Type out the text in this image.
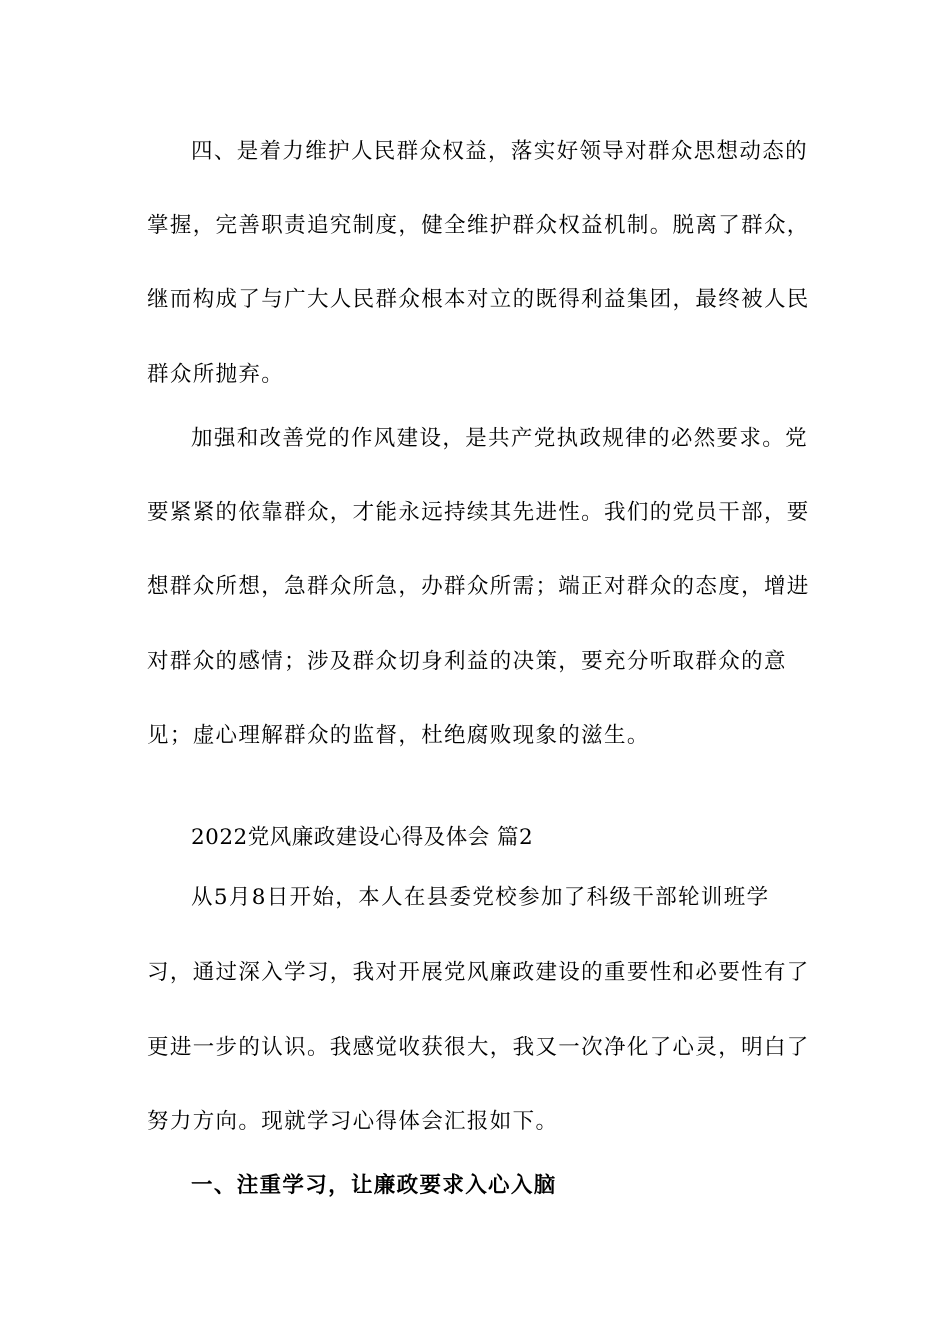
四、是着力维护人民群众权益，落实好领导对群众思想动态的
掌握，完善职责追究制度，健全维护群众权益机制。脱离了群众，
继而构成了与广大人民群众根本对立的既得利益集团，最终被人民
群众所抛弃。
加强和改善党的作风建设，是共产党执政规律的必然要求。党
要紧紧的依靠群众，才能永远持续其先进性。我们的党员干部，要
想群众所想，急群众所急，办群众所需；端正对群众的态度，增进
对群众的感情；涉及群众切身利益的决策，要充分听取群众的意
见；虚心理解群众的监督，杜绝腐败现象的滋生。
2022党风廉政建设心得及体会 篇2
从5月8日开始，本人在县委党校参加了科级干部轮训班学
习，通过深入学习，我对开展党风廉政建设的重要性和必要性有了
更进一步的认识。我感觉收获很大，我又一次净化了心灵，明白了
努力方向。现就学习心得体会汇报如下。
一、注重学习，让廉政要求入心入脑
